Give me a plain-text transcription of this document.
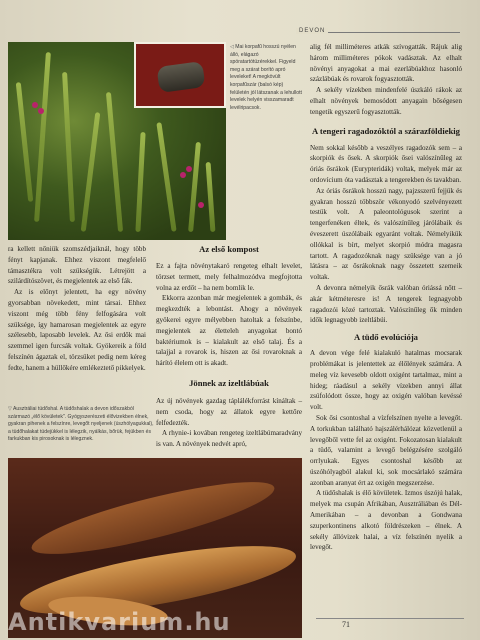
DEVON
◁ Mai korpafű hosszú nyélen álló, elágazó spóratartótüzérekkel. Figyeld meg a szárat borító apró leveleket! A megkövült korpafűszár (balsó kép) felületén jól látszanak a lehullott levelek helyén visszamaradt levélripacsok.

ra kellett nőniük szomszédjaiknál, hogy több fényt kapjanak. Ehhez viszont megfelelő támasztékra volt szükségük. Létrejött a szilárdítószövet, és megjelentek az első fák.

Az is előnyt jelentett, ha egy növény gyorsabban növekedett, mint társai. Ehhez viszont még több fény felfogására volt szüksége, így hamarosan megjelentek az egyre szélesebb, laposabb levelek. Az ősi erdők mai szemmel igen furcsák voltak. Gyökereik a föld felszínén ágaztak el, törzsüket pedig nem kéreg fedte, hanem a hüllőkére emlékeztető pikkelyek.

Az első kompost

Ez a fajta növénytakaró rengeteg elhalt levelet, törzset termett, mely felhalmozódva megfojtotta volna az erdőt – ha nem bomlik le.

Ekkorra azonban már megjelentek a gombák, és megkezdték a lebontást. Ahogy a növények gyökerei egyre mélyebben hatoltak a felszínbe, megjelentek az életteleh anyagokat bontó baktériumok is – kialakult az első talaj. És a talajjal a rovarok is, hiszen az ősi rovaroknak a hárító élelem ott is akadt.

Jönnek az izeltlábúak

Az új növények gazdag táplálékforrást kínáltak – nem csoda, hogy az állatok egyre kettőre felfedezték.

A rhynie-i kovában rengeteg izeltlábúmaradvány is van. A növények nedvét apró,

▽ Ausztráliai tüdőshal. A tüdőshalak a devon időszakból származó „élő kövületek". Gyógyszerészeti élővizekben élnek, gyakran pihenek a felszínre, levegőt nyeljenek (úszhólyagukkal), a tüdőhalakat tüdejükkel is lélegzik, nyálkás, bőrük, fejükben és farkukban kis pirosoknak is lélegznek.

alig fél milliméteres atkák szívogatták. Rájuk alig három milliméteres pókok vadásztak. Az elhalt növényi anyagokat a mai ezerlábúakhoz hasonló százlábúak és rovarok fogyasztották.

A sekély vízekben mindenfelé úszkáló rákok az elhalt növények bemosódott anyagain bőségesen tengetik egyszerű fogyasztották.

A tengeri ragadozóktól a szárazföldiekig

Nem sokkal később a veszélyes ragadozók sem – a skorpiók és ősek. A skorpiók ősei valószínűleg az óriás ősrákok (Eurypteridák) voltak, melyek már az ordovícium óta vadásztak a tengerekben és tavakban.

Az óriás ősrákok hosszú nagy, pajzsszerű fejjük és gyakran hosszú többször vékonyodó szelvényezett testük volt. A paleontológusok szerint a tengerfenéken éltek, és valószínűleg járólábaik és éveszerett úszólábaik egyaránt voltak. Némelyikük ollókkal is bírt, melyet skorpió módra magasra tartott. A ragadozóknak nagy szüksége van a jó látásra – az ősrákoknak nagy összetett szemeik voltak.

A devonra némelyik ősrák valóban óriássá nőtt – akár kétméteresre is! A tengerek legnagyobb ragadozói közé tartoztak. Valószínűleg ők minden idők legnagyobb izeltlábúi.

A tüdő evolúciója

A devon vége felé kialakuló hatalmas mocsarak problémákat is jelentettek az élőlények számára. A meleg víz kevesebb oldott oxigént tartalmaz, mint a hideg; ráadásul a sekély vízekben annyi állat zsúfolódott össze, hogy az oxigén valóban kevéssé volt.

Sok ősi csontoshal a vízfelszínen nyelte a levegőt. A torkukban található hajszálérhálózat közvetlenül a levegőből vette fel az oxigént. Fokozatosan kialakult a tüdő, valamint a levegő belégzésére szolgáló orrlyukak. Egyes csontoshal később az úszóhólyagból alakul ki, sok mocsárlakó számára azonban aranyat ért az oxigén megszerzése.

A tüdőshalak is élő kövületek. Izmos úszójú halak, melyek ma csupán Afrikában, Ausztráliában és Dél-Amerikában – a devonban a Gondwana szuperkontinens alkotó földrészeken – élnek. A sekély állóvizek halai, a víz felszínén nyelik a levegőt.

71
Antikvarium.hu
